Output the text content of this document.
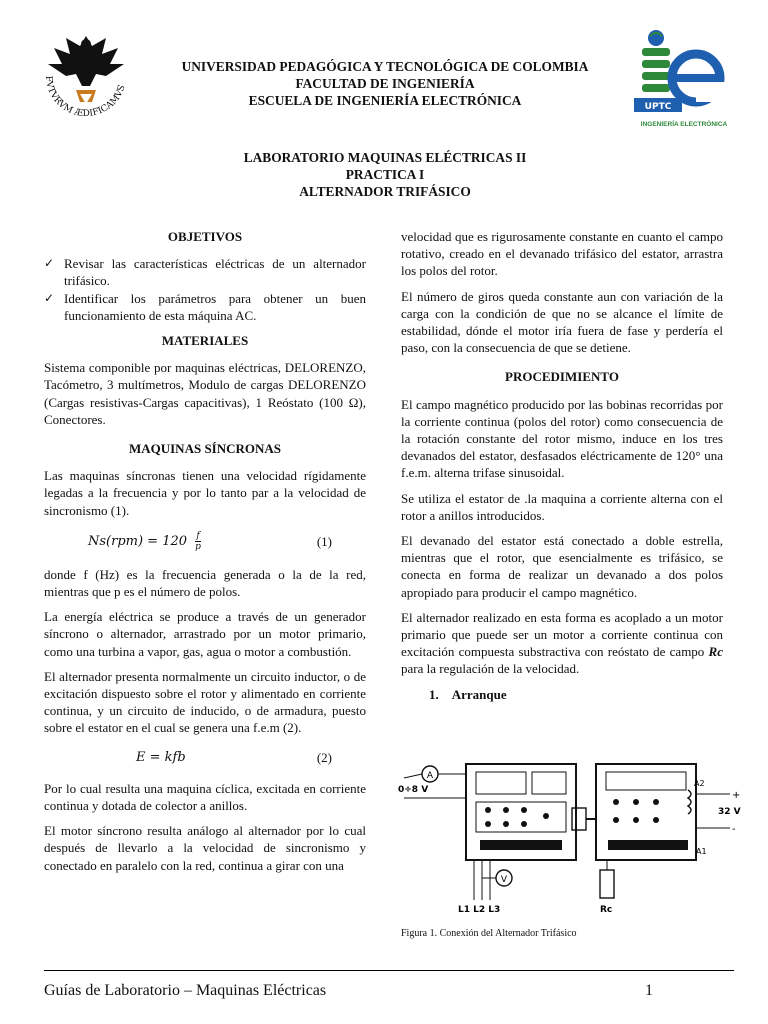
FVTVRVM ÆDIFICAMVS
UPTC
INGENIERÍA ELECTRÓNICA
UNIVERSIDAD PEDAGÓGICA Y TECNOLÓGICA DE COLOMBIA
FACULTAD DE INGENIERÍA
ESCUELA DE INGENIERÍA ELECTRÓNICA
LABORATORIO MAQUINAS ELÉCTRICAS II
PRACTICA I
ALTERNADOR TRIFÁSICO
OBJETIVOS
✓ Revisar las características eléctricas de un alternador trifásico.
✓ Identificar los parámetros para obtener un buen funcionamiento de esta máquina AC.
MATERIALES

Sistema componible por maquinas eléctricas, DELORENZO, Tacómetro, 3 multímetros, Modulo de cargas DELORENZO (Cargas resistivas-Cargas capacitivas), 1 Reóstato (100 Ω), Conectores.

MAQUINAS SÍNCRONAS

Las maquinas síncronas tienen una velocidad rígidamente legadas a la frecuencia y por lo tanto par a la velocidad de sincronismo (1).

$Ns(rpm) = 120 \frac{f}{p}$	(1)

donde f (Hz) es la frecuencia generada o la de la red, mientras que p es el número de polos.

La energía eléctrica se produce a través de un generador síncrono o alternador, arrastrado por un motor primario, como una turbina a vapor, gas, agua o motor a combustión.

El alternador presenta normalmente un circuito inductor, o de excitación dispuesto sobre el rotor y alimentado en corriente continua, y un circuito de inducido, o de armadura, puesto sobre el estator en el cual se genera una f.e.m (2).

E = kfb	(2)

Por lo cual resulta una maquina cíclica, excitada en corriente continua y dotada de colector a anillos.

El motor síncrono resulta análogo al alternador por lo cual después de llevarlo a la velocidad de sincronismo y conectado en paralelo con la red, continua a girar con una

velocidad que es rigurosamente constante en cuanto el campo rotativo, creado en el devanado trifásico del estator, arrastra los polos del rotor.

El número de giros queda constante aun con variación de la carga con la condición de que no se alcance el límite de estabilidad, dónde el motor iría fuera de fase y perdería el paso, con la consecuencia de que se detiene.

PROCEDIMIENTO

El campo magnético producido por las bobinas recorridas por la corriente continua (polos del rotor) como consecuencia de la rotación constante del rotor mismo, induce en los tres devanados del estator, desfasados eléctricamente de 120° una f.e.m. alterna trifase sinusoidal.

Se utiliza el estator de .la maquina a corriente alterna con el rotor a anillos introducidos.

El devanado del estator está conectado a doble estrella, mientras que el rotor, que esencialmente es trifásico, se conecta en forma de realizar un devanado a dos polos apropiado para producir el campo magnético.

El alternador realizado en esta forma es acoplado a un motor primario que puede ser un motor a corriente continua con excitación compuesta substractiva con reóstato de campo Rc para la regulación de la velocidad.

1. Arranque
A
0÷8 V
A2
A1
32 V
+
-
V
L1 L2 L3	Rc
Figura 1. Conexión del Alternador Trifásico
Guías de Laboratorio – Maquinas Eléctricas	1
